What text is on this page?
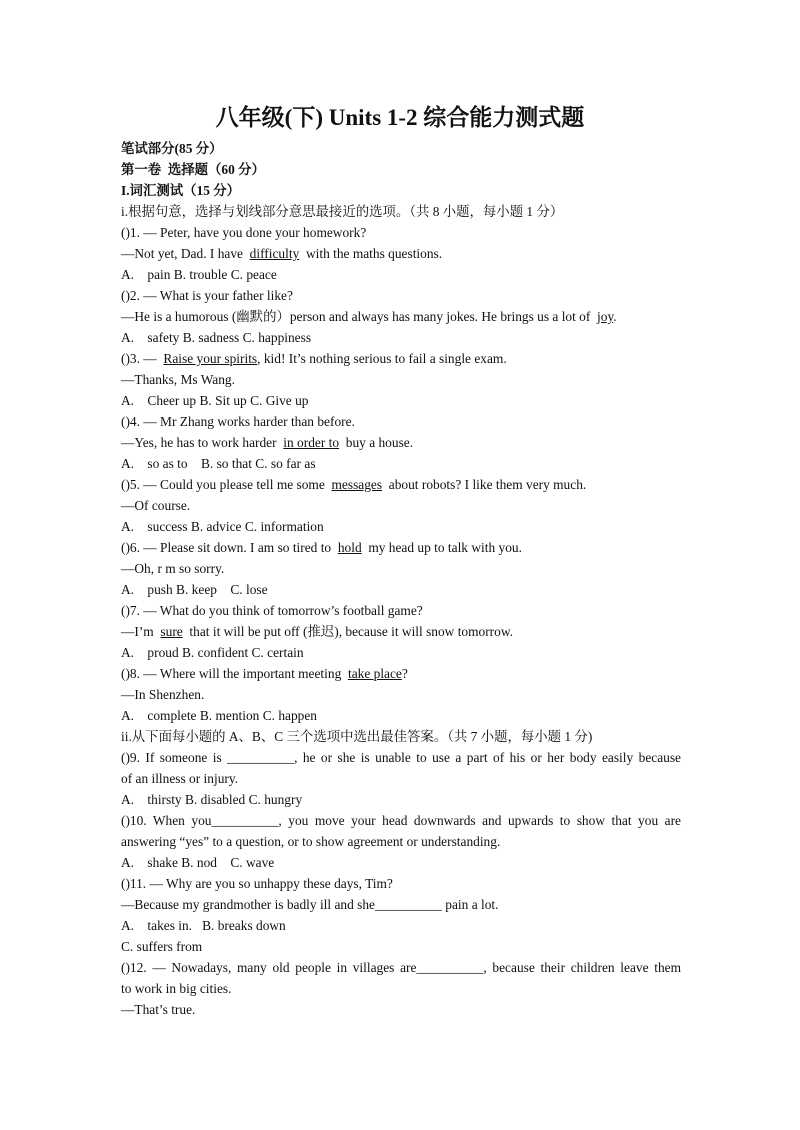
八年级(下) Units 1-2 综合能力测式题
笔试部分(85 分）
第一卷  选择题（60 分）
I.词汇测试（15 分）
i.根据句意，选择与划线部分意思最接近的选项。（共 8 小题，每小题 1 分）
()1. — Peter, have you done your homework?
—Not yet, Dad. I have  difficulty  with the maths questions.
A.    pain B. trouble C. peace
()2. — What is your father like?
—He is a humorous (幽默的）person and always has many jokes. He brings us a lot of  joy.
A.    safety B. sadness C. happiness
()3. —  Raise your spirits, kid! It’s nothing serious to fail a single exam.
—Thanks, Ms Wang.
A.    Cheer up B. Sit up C. Give up
()4. — Mr Zhang works harder than before.
—Yes, he has to work harder  in order to  buy a house.
A.    so as to    B. so that C. so far as
()5. — Could you please tell me some  messages  about robots? I like them very much.
—Of course.
A.    success B. advice C. information
()6. — Please sit down. I am so tired to  hold  my head up to talk with you.
—Oh, r m so sorry.
A.    push B. keep    C. lose
()7. — What do you think of tomorrow’s football game?
—I’m  sure  that it will be put off (推迟), because it will snow tomorrow.
A.    proud B. confident C. certain
()8. — Where will the important meeting  take place?
—In Shenzhen.
A.    complete B. mention C. happen
ii.从下面每小题的 A、B、C 三个选项中选出最佳答案。（共 7 小题，每小题 1 分)
()9. If someone is __________, he or she is unable to use a part of his or her body easily because
of an illness or injury.
A.    thirsty B. disabled C. hungry
()10. When you__________, you move your head downwards and upwards to show that you are
answering “yes” to a question, or to show agreement or understanding.
A.    shake B. nod    C. wave
()11. — Why are you so unhappy these days, Tim?
—Because my grandmother is badly ill and she__________ pain a lot.
A.    takes in.   B. breaks down
C. suffers from
()12. — Nowadays, many old people in villages are__________, because their children leave them
to work in big cities.
—That’s true.
